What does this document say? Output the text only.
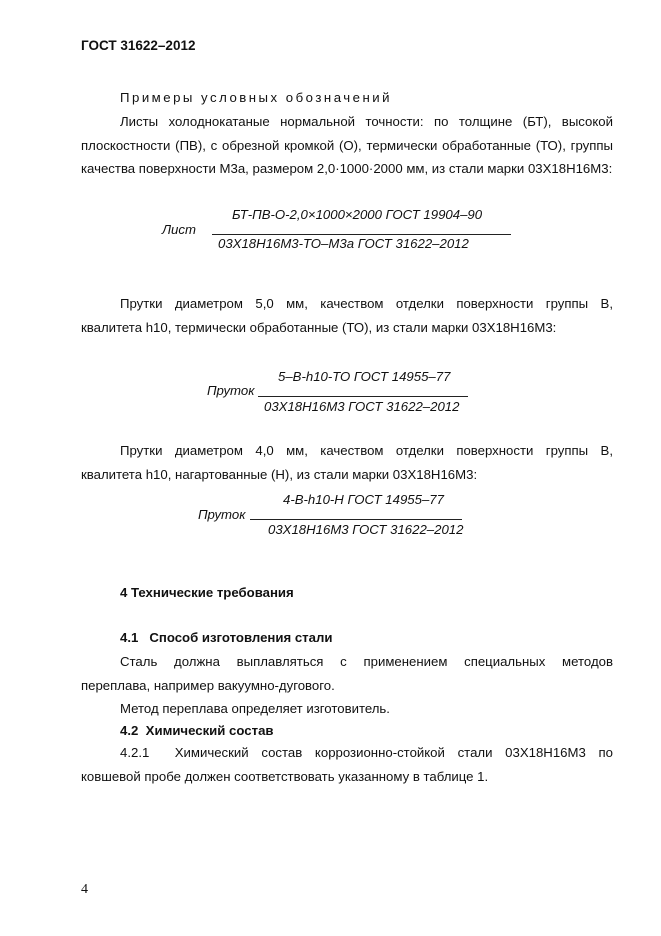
ГОСТ 31622–2012
Примеры условных обозначений
Листы холоднокатаные нормальной точности: по толщине (БТ), высокой
плоскостности (ПВ), с обрезной кромкой (О), термически обработанные (ТО), группы
качества поверхности М3а, размером 2,0·1000·2000 мм, из стали марки 03Х18Н16М3:
БТ-ПВ-О-2,0×1000×2000 ГОСТ 19904–90
Лист
03Х18Н16М3-ТО–М3а ГОСТ 31622–2012
Прутки диаметром 5,0 мм, качеством отделки поверхности группы В,
квалитета h10, термически обработанные (ТО), из стали марки 03Х18Н16М3:
5–В-h10-ТО ГОСТ 14955–77
Пруток
03Х18Н16М3 ГОСТ 31622–2012
Прутки диаметром 4,0 мм, качеством отделки поверхности группы В,
квалитета h10, нагартованные (Н), из стали марки 03Х18Н16М3:
4-В-h10-Н ГОСТ 14955–77
Пруток
03Х18Н16М3 ГОСТ 31622–2012
4 Технические требования
4.1   Способ изготовления стали
Сталь должна выплавляться с применением специальных методов
переплава, например вакуумно-дугового.
Метод переплава определяет изготовитель.
4.2  Химический состав
4.2.1  Химический состав коррозионно-стойкой стали 03Х18Н16М3 по
ковшевой пробе должен соответствовать указанному в таблице 1.
4
